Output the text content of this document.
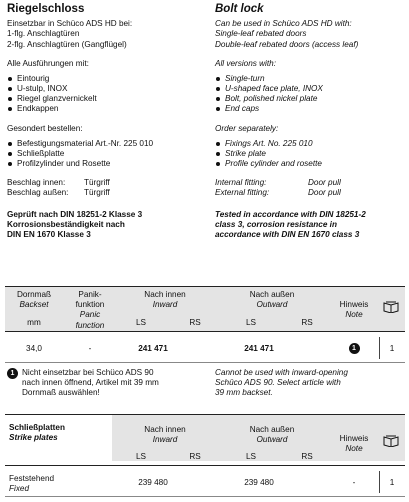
Riegelschloss
Einsetzbar in Schüco ADS HD bei:
1-flg. Anschlagtüren
2-flg. Anschlagtüren (Gangflügel)
Alle Ausführungen mit:
Eintourig
U-stulp, INOX
Riegel glanzvernickelt
Endkappen
Gesondert bestellen:
Befestigungsmaterial Art.-Nr. 225 010
Schließplatte
Profilzylinder und Rosette
Beschlag innen:	Türgriff
Beschlag außen:	Türgriff
Geprüft nach DIN 18251-2 Klasse 3
Korrosionsbeständigkeit nach
DIN EN 1670 Klasse 3
Bolt lock
Can be used in Schüco ADS HD with:
Single-leaf rebated doors
Double-leaf rebated doors (access leaf)
All versions with:
Single-turn
U-shaped face plate, INOX
Bolt, polished nickel plate
End caps
Order separately:
Fixings Art. No. 225 010
Strike plate
Profile cylinder and rosette
Internal fitting:	Door pull
External fitting:	Door pull
Tested in accordance with DIN 18251-2
class 3, corrosion resistance in
accordance with DIN EN 1670 class 3
Dornmaß
Backset
mm
Panik-
funktion
Panic
function
Nach innen
Inward
Nach außen
Outward
LS	RS	LS	RS
Hinweis
Note
34,0	-	241 471	241 471	1	1
1 Nicht einsetzbar bei Schüco ADS 90
nach innen öffnend, Artikel mit 39 mm
Dornmaß auswählen!
Cannot be used with inward-opening
Schüco ADS 90. Select article with
39 mm backset.
Schließplatten
Strike plates
Nach innen
Inward
Nach außen
Outward	Hinweis
Note
LS	RS	LS	RS
Feststehend
Fixed
239 480	239 480	-	1
